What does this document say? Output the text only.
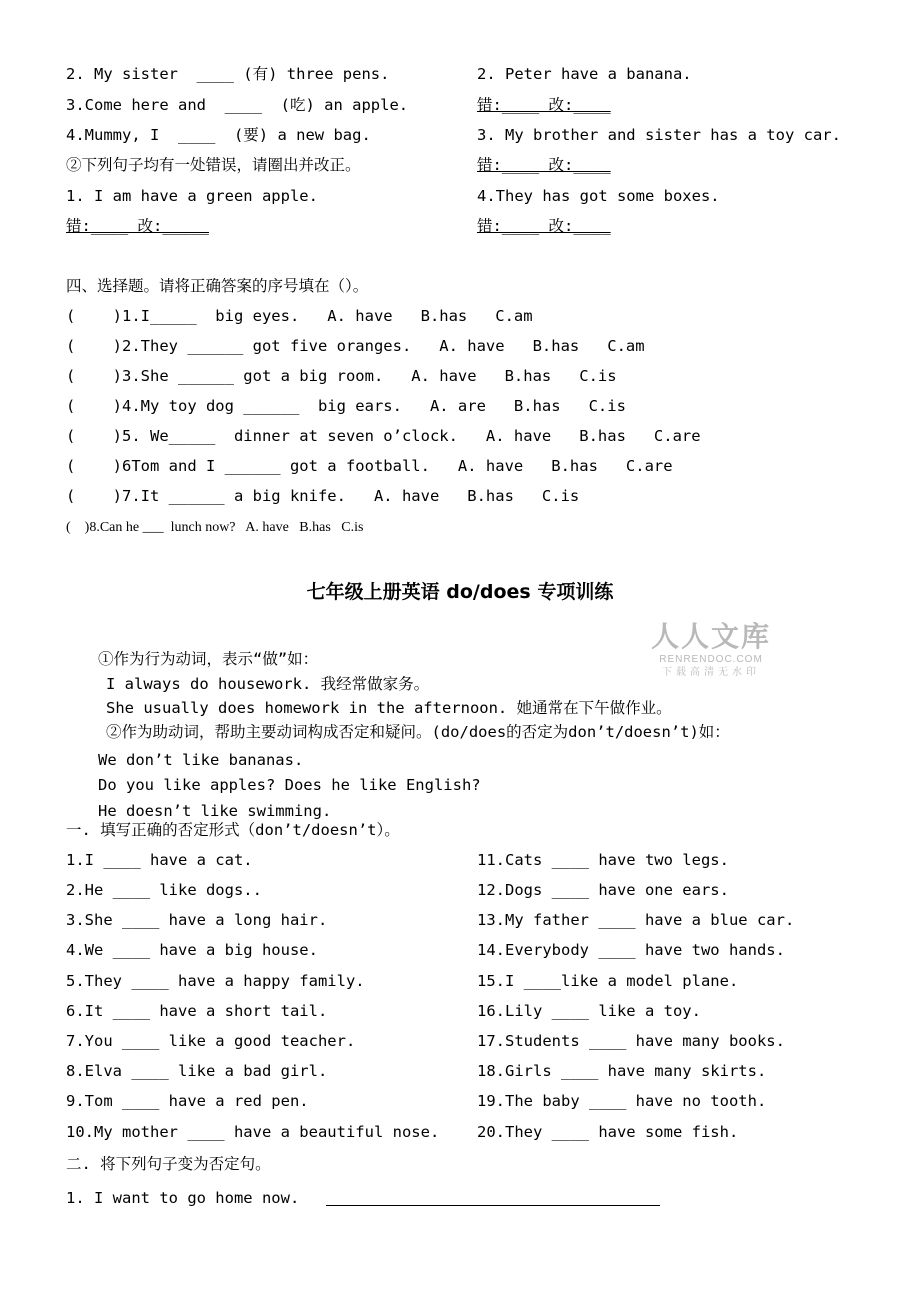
2. My sister  ____ (有) three pens.
3.Come here and  ____  (吃) an apple.
4.Mummy, I  ____  (要) a new bag.
②下列句子均有一处错误，请圈出并改正。
1. I am have a green apple.
错:____ 改:_____
2. Peter have a banana.
错:____ 改:____
3. My brother and sister has a toy car.
错:____ 改:____
4.They has got some boxes.
错:____ 改:____
四、选择题。请将正确答案的序号填在（）。
(    )1.I_____  big eyes.   A. have   B.has   C.am
(    )2.They ______ got five oranges.   A. have   B.has   C.am
(    )3.She ______ got a big room.   A. have   B.has   C.is
(    )4.My toy dog ______  big ears.   A. are   B.has   C.is
(    )5. We_____  dinner at seven o’clock.   A. have   B.has   C.are
(    )6Tom and I ______ got a football.   A. have   B.has   C.are
(    )7.It ______ a big knife.   A. have   B.has   C.is
(    )8.Can he ___  lunch now?   A. have   B.has   C.is
七年级上册英语 do/does 专项训练
人人文库
RENRENDOC.COM
下载高清无水印
①作为行为动词，表示“做”如：
I always do housework. 我经常做家务。
She usually does homework in the afternoon. 她通常在下午做作业。
②作为助动词，帮助主要动词构成否定和疑问。(do/does的否定为don’t/doesn’t)如：
We don’t like bananas.
Do you like apples? Does he like English?
He doesn’t like swimming.
一. 填写正确的否定形式（don’t/doesn’t）。
1.I ____ have a cat.
2.He ____ like dogs..
3.She ____ have a long hair.
4.We ____ have a big house.
5.They ____ have a happy family.
6.It ____ have a short tail.
7.You ____ like a good teacher.
8.Elva ____ like a bad girl.
9.Tom ____ have a red pen.
10.My mother ____ have a beautiful nose.
11.Cats ____ have two legs.
12.Dogs ____ have one ears.
13.My father ____ have a blue car.
14.Everybody ____ have two hands.
15.I ____like a model plane.
16.Lily ____ like a toy.
17.Students ____ have many books.
18.Girls ____ have many skirts.
19.The baby ____ have no tooth.
20.They ____ have some fish.
二. 将下列句子变为否定句。
1. I want to go home now.
